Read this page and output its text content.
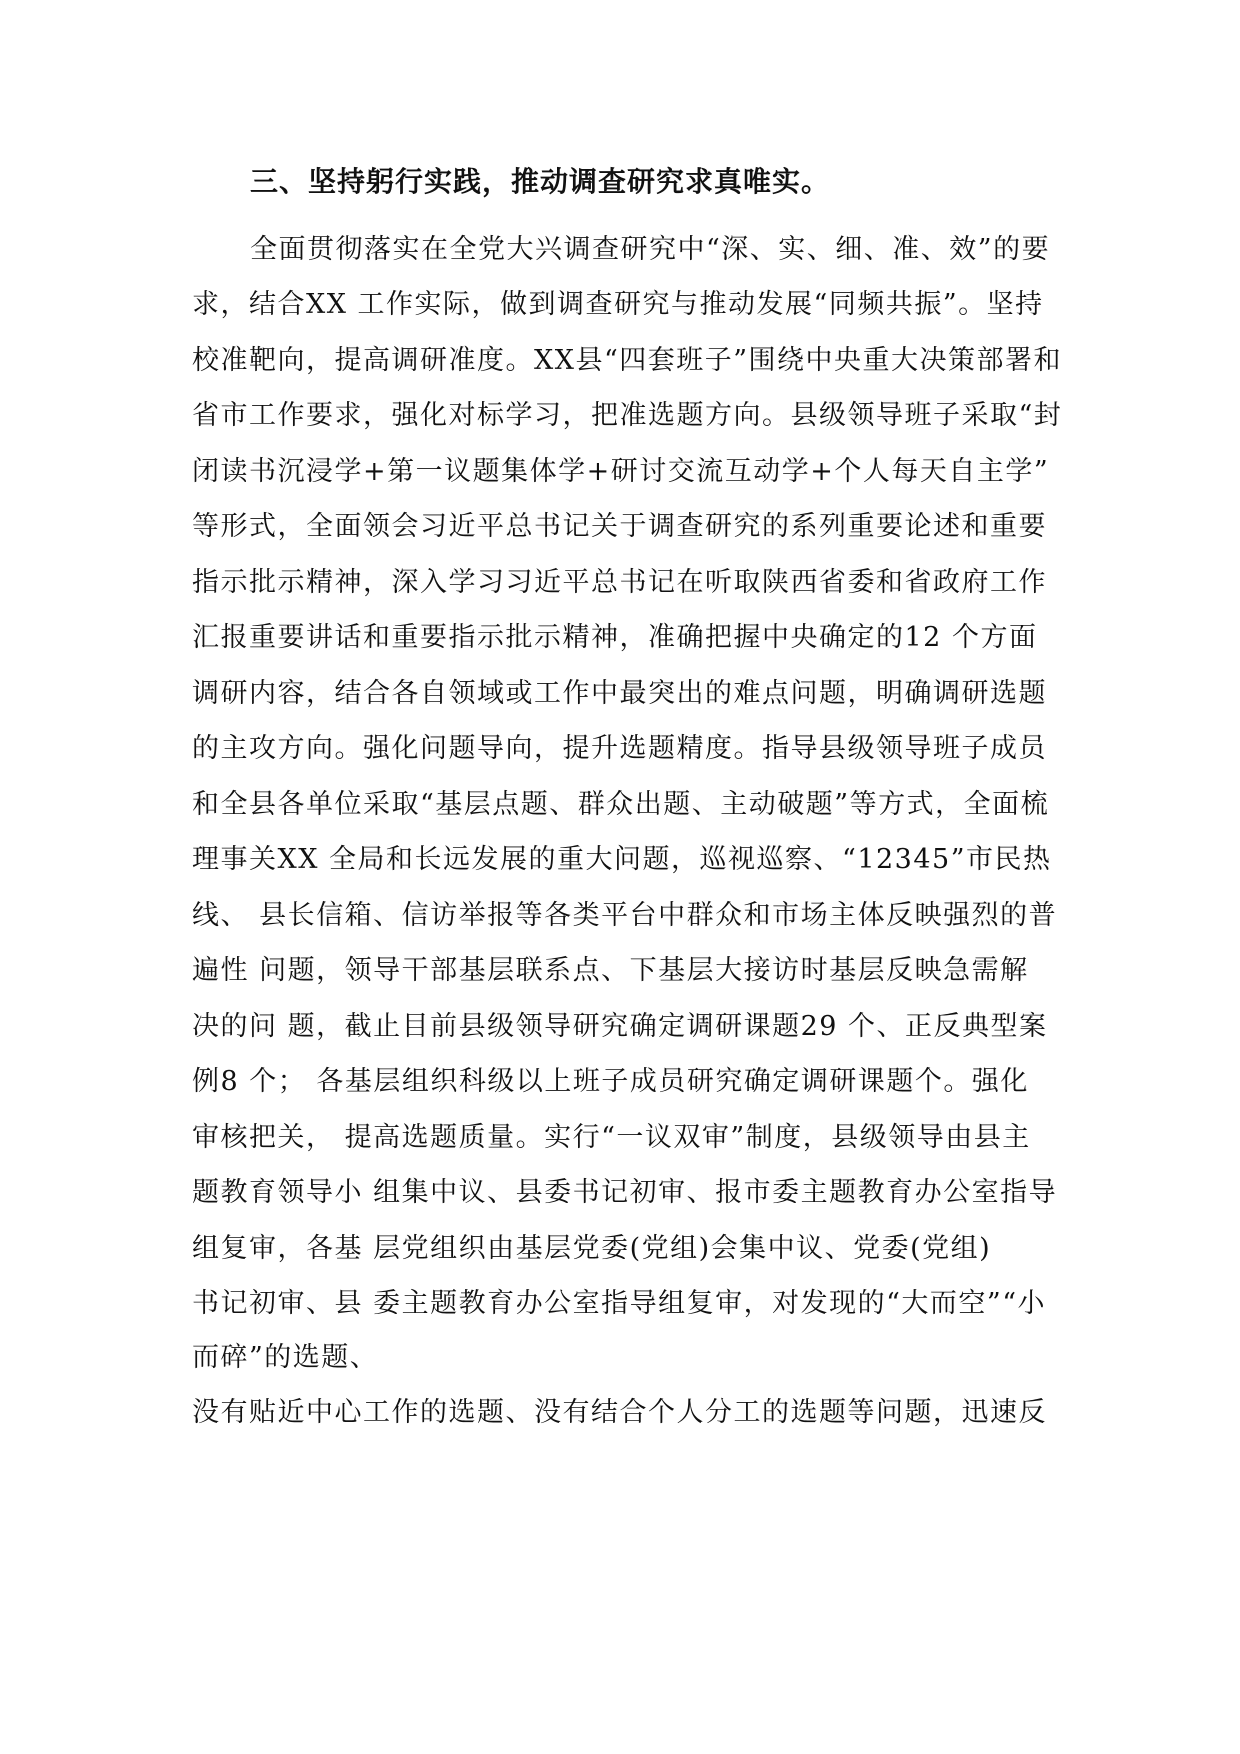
三、坚持躬行实践，推动调查研究求真唯实。
全面贯彻落实在全党大兴调查研究中“深、实、细、准、效”的要
求，结合XX 工作实际，做到调查研究与推动发展“同频共振”。坚持
校准靶向，提高调研准度。XX县“四套班子”围绕中央重大决策部署和
省市工作要求，强化对标学习，把准选题方向。县级领导班子采取“封
闭读书沉浸学+第一议题集体学+研讨交流互动学+个人每天自主学”
等形式，全面领会习近平总书记关于调查研究的系列重要论述和重要
指示批示精神，深入学习习近平总书记在听取陕西省委和省政府工作
汇报重要讲话和重要指示批示精神，准确把握中央确定的12 个方面
调研内容，结合各自领域或工作中最突出的难点问题，明确调研选题
的主攻方向。强化问题导向，提升选题精度。指导县级领导班子成员
和全县各单位采取“基层点题、群众出题、主动破题”等方式，全面梳
理事关XX 全局和长远发展的重大问题，巡视巡察、“12345”市民热
线、 县长信箱、信访举报等各类平台中群众和市场主体反映强烈的普
遍性 问题，领导干部基层联系点、下基层大接访时基层反映急需解
决的问 题，截止目前县级领导研究确定调研课题29 个、正反典型案
例8 个； 各基层组织科级以上班子成员研究确定调研课题个。强化
审核把关， 提高选题质量。实行“一议双审”制度，县级领导由县主
题教育领导小 组集中议、县委书记初审、报市委主题教育办公室指导
组复审，各基 层党组织由基层党委(党组)会集中议、党委(党组)
书记初审、县 委主题教育办公室指导组复审，对发现的“大而空”“小
而碎”的选题、
没有贴近中心工作的选题、没有结合个人分工的选题等问题，迅速反
